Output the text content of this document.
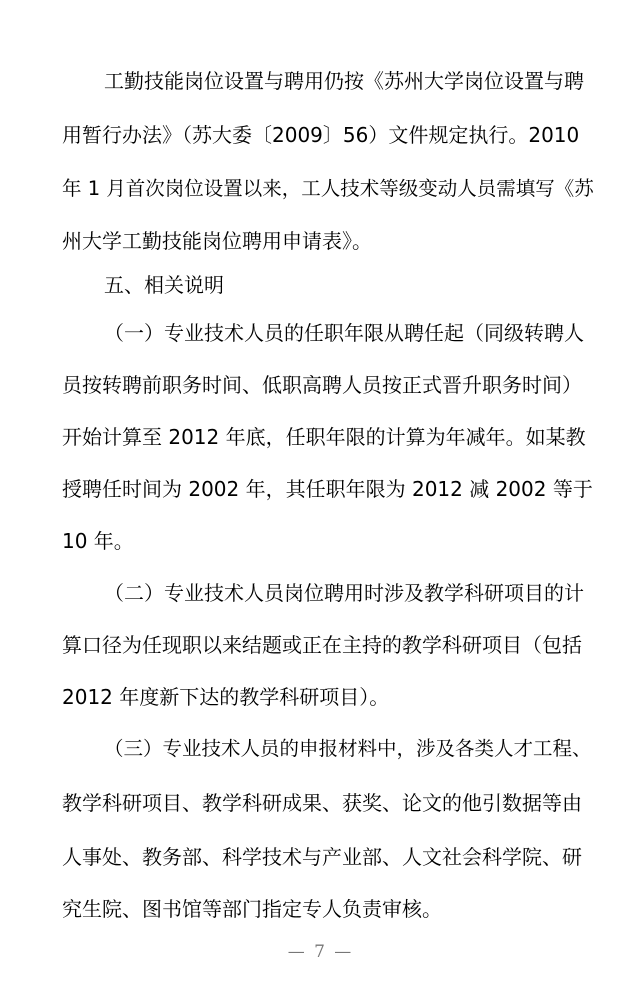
工勤技能岗位设置与聘用仍按《苏州大学岗位设置与聘
用暂行办法》（苏大委〔2009〕56）文件规定执行。2010
年 1 月首次岗位设置以来，工人技术等级变动人员需填写《苏
州大学工勤技能岗位聘用申请表》。
五、相关说明
（一）专业技术人员的任职年限从聘任起（同级转聘人
员按转聘前职务时间、低职高聘人员按正式晋升职务时间）
开始计算至 2012 年底，任职年限的计算为年减年。如某教
授聘任时间为 2002 年，其任职年限为 2012 减 2002 等于
10 年。
（二）专业技术人员岗位聘用时涉及教学科研项目的计
算口径为任现职以来结题或正在主持的教学科研项目（包括
2012 年度新下达的教学科研项目）。
（三）专业技术人员的申报材料中，涉及各类人才工程、
教学科研项目、教学科研成果、获奖、论文的他引数据等由
人事处、教务部、科学技术与产业部、人文社会科学院、研
究生院、图书馆等部门指定专人负责审核。
— 7 —
